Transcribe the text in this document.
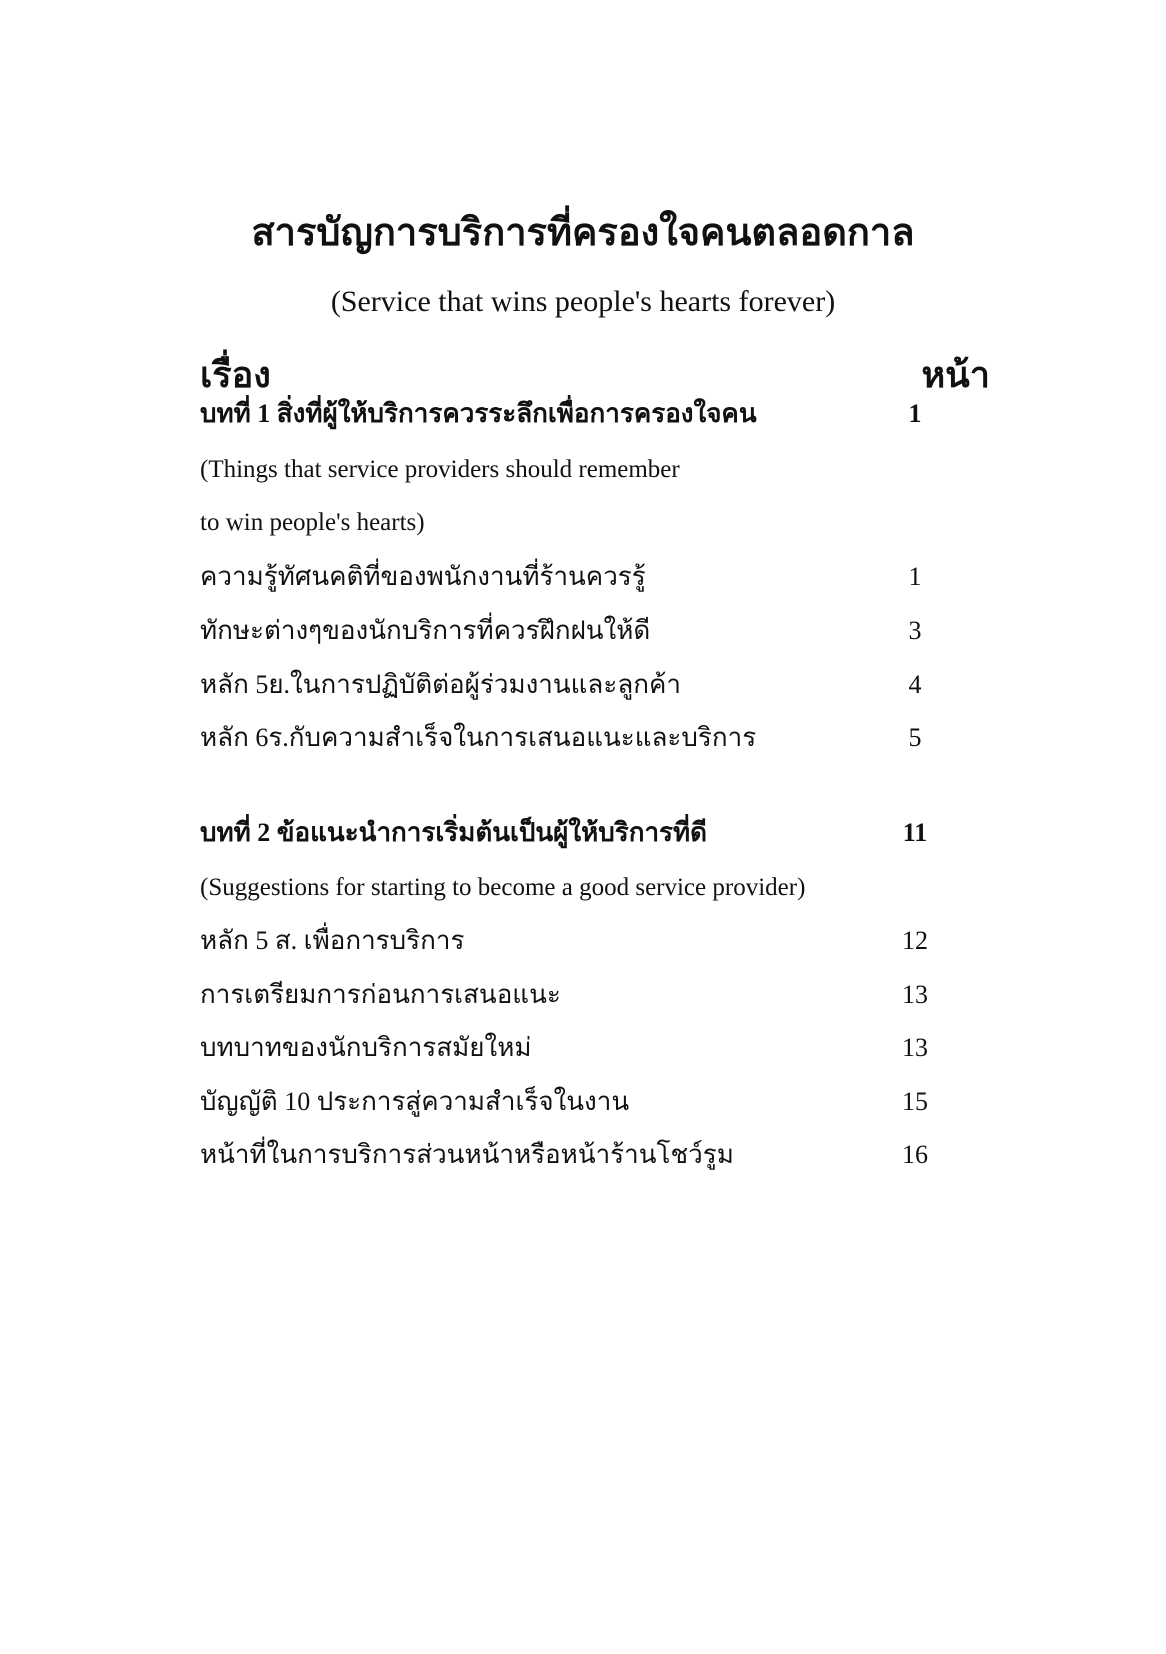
สารบัญการบริการที่ครองใจคนตลอดกาล
(Service that wins people's hearts forever)
เรื่อง	หน้า
บทที่ 1 สิ่งที่ผู้ให้บริการควรระลึกเพื่อการครองใจคน	1
(Things that service providers should remember
to win people's hearts)
ความรู้ทัศนคติที่ของพนักงานที่ร้านควรรู้	1
ทักษะต่างๆของนักบริการที่ควรฝึกฝนให้ดี	3
หลัก 5ย.ในการปฏิบัติต่อผู้ร่วมงานและลูกค้า	4
หลัก 6ร.กับความสำเร็จในการเสนอแนะและบริการ	5
บทที่ 2 ข้อแนะนำการเริ่มต้นเป็นผู้ให้บริการที่ดี	11
(Suggestions for starting to become a good service provider)
หลัก 5 ส. เพื่อการบริการ	12
การเตรียมการก่อนการเสนอแนะ	13
บทบาทของนักบริการสมัยใหม่	13
บัญญัติ 10 ประการสู่ความสำเร็จในงาน	15
หน้าที่ในการบริการส่วนหน้าหรือหน้าร้านโชว์รูม	16
